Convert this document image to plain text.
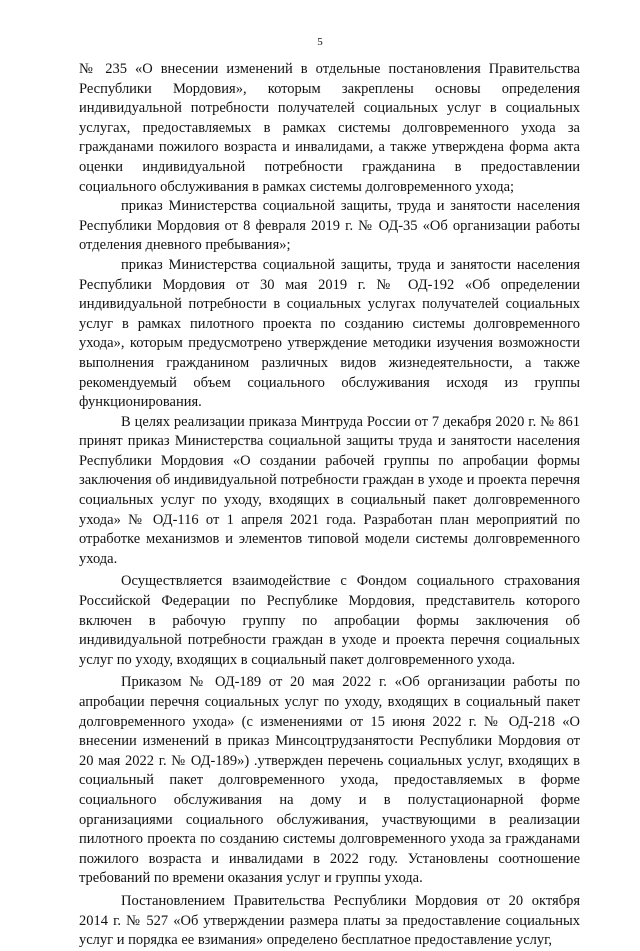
5

№ 235 «О внесении изменений в отдельные постановления Правительства Республики Мордовия», которым закреплены основы определения индивидуальной потребности получателей социальных услуг в социальных услугах, предоставляемых в рамках системы долговременного ухода за гражданами пожилого возраста и инвалидами, а также утверждена форма акта оценки индивидуальной потребности гражданина в предоставлении социального обслуживания в рамках системы долговременного ухода;

приказ Министерства социальной защиты, труда и занятости населения Республики Мордовия от 8 февраля 2019 г. № ОД-35 «Об организации работы отделения дневного пребывания»;

приказ Министерства социальной защиты, труда и занятости населения Республики Мордовия от 30 мая 2019 г. № ОД-192 «Об определении индивидуальной потребности в социальных услугах получателей социальных услуг в рамках пилотного проекта по созданию системы долговременного ухода», которым предусмотрено утверждение методики изучения возможности выполнения гражданином различных видов жизнедеятельности, а также рекомендуемый объем социального обслуживания исходя из группы функционирования.

В целях реализации приказа Минтруда России от 7 декабря 2020 г. № 861 принят приказ Министерства социальной защиты труда и занятости населения Республики Мордовия «О создании рабочей группы по апробации формы заключения об индивидуальной потребности граждан в уходе и проекта перечня социальных услуг по уходу, входящих в социальный пакет долговременного ухода» № ОД-116 от 1 апреля 2021 года. Разработан план мероприятий по отработке механизмов и элементов типовой модели системы долговременного ухода.

Осуществляется взаимодействие с Фондом социального страхования Российской Федерации по Республике Мордовия, представитель которого включен в рабочую группу по апробации формы заключения об индивидуальной потребности граждан в уходе и проекта перечня социальных услуг по уходу, входящих в социальный пакет долговременного ухода.

Приказом № ОД-189 от 20 мая 2022 г. «Об организации работы по апробации перечня социальных услуг по уходу, входящих в социальный пакет долговременного ухода» (с изменениями от 15 июня 2022 г. № ОД-218 «О внесении изменений в приказ Минсоцтрудзанятости Республики Мордовия от 20 мая 2022 г. № ОД-189») .утвержден перечень социальных услуг, входящих в социальный пакет долговременного ухода, предоставляемых в форме социального обслуживания на дому и в полустационарной форме организациями социального обслуживания, участвующими в реализации пилотного проекта по созданию системы долговременного ухода за гражданами пожилого возраста и инвалидами в 2022 году. Установлены соотношение требований по времени оказания услуг и группы ухода.

Постановлением Правительства Республики Мордовия от 20 октября 2014 г. № 527 «Об утверждении размера платы за предоставление социальных услуг и порядка ее взимания» определено бесплатное предоставление услуг,
